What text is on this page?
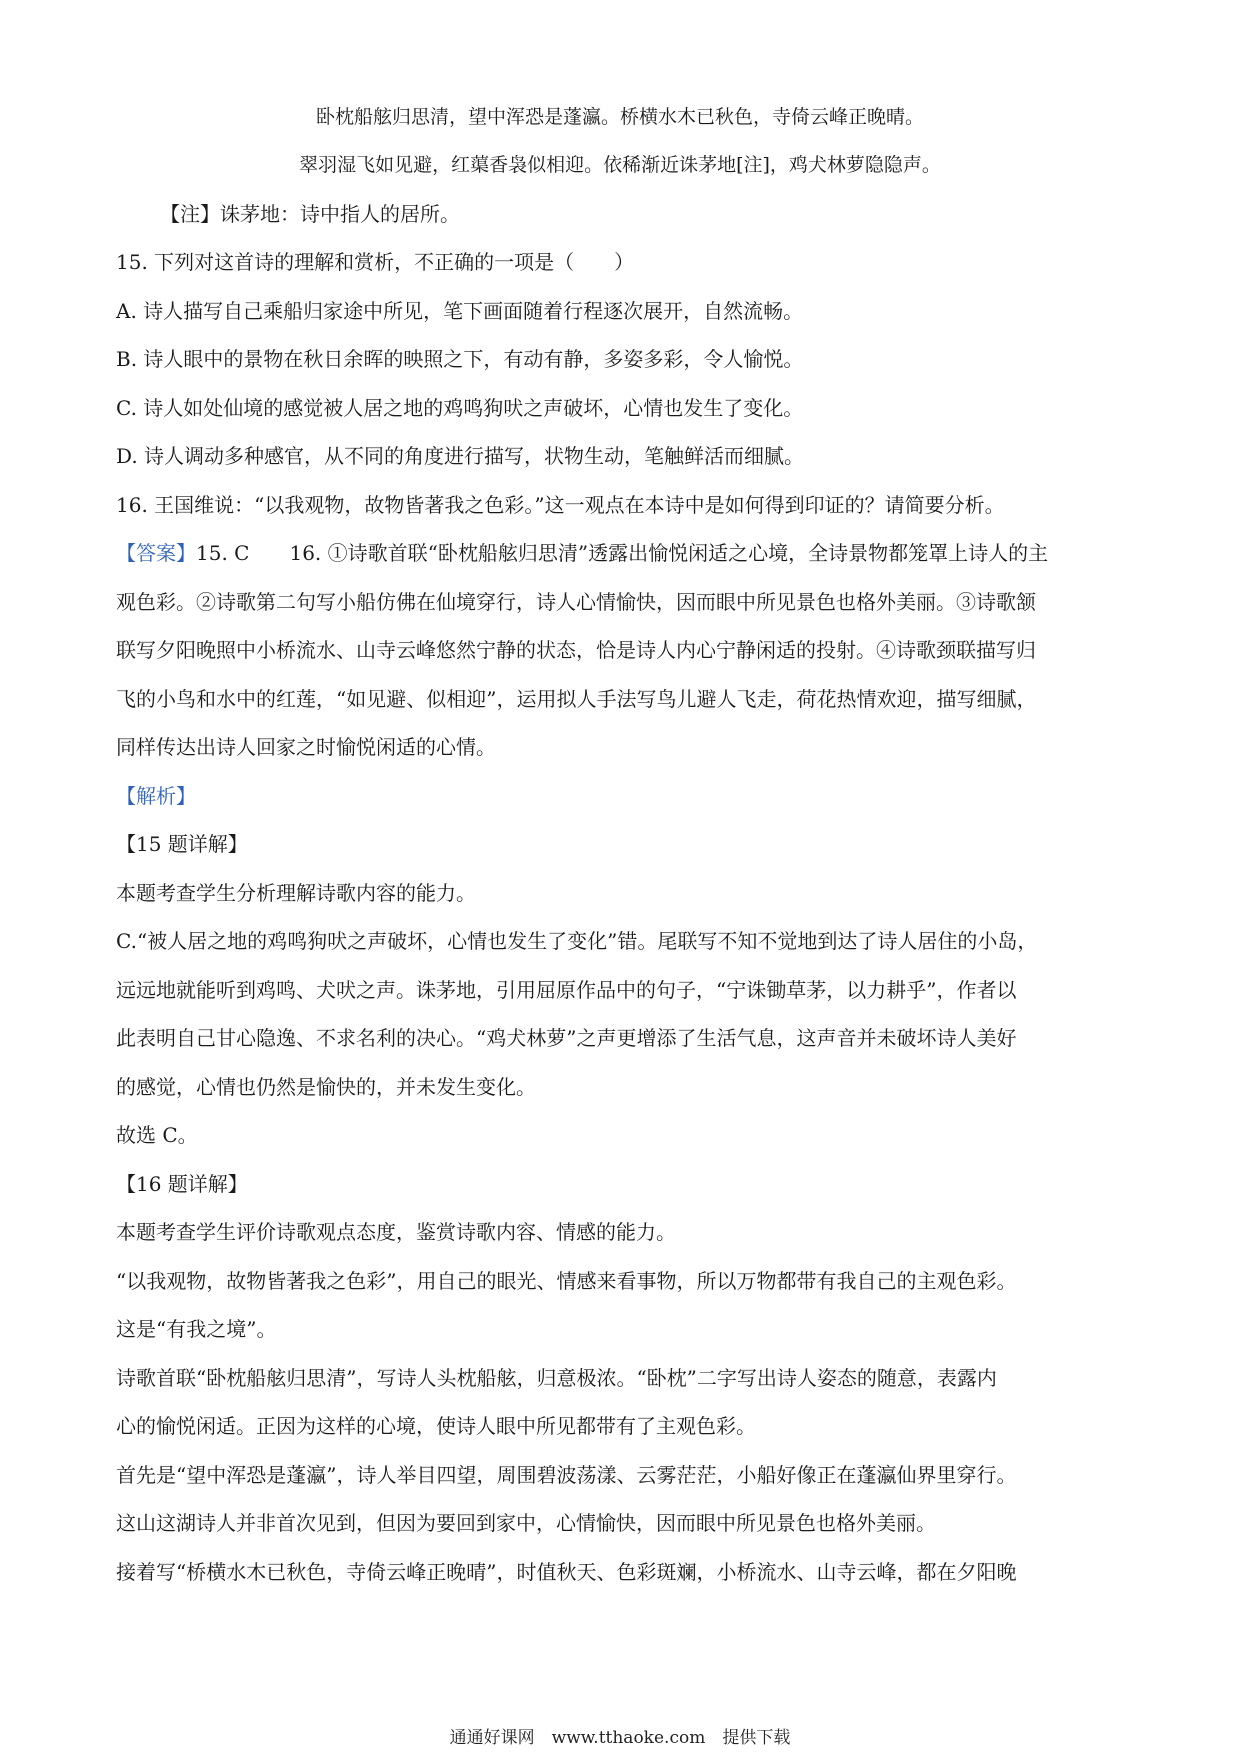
卧枕船舷归思清，望中浑恐是蓬瀛。桥横水木已秋色，寺倚云峰正晚晴。
翠羽湿飞如见避，红蕖香袅似相迎。依稀渐近诛茅地[注]，鸡犬林萝隐隐声。
【注】诛茅地：诗中指人的居所。
15. 下列对这首诗的理解和赏析，不正确的一项是（　　）
A. 诗人描写自己乘船归家途中所见，笔下画面随着行程逐次展开，自然流畅。
B. 诗人眼中的景物在秋日余晖的映照之下，有动有静，多姿多彩，令人愉悦。
C. 诗人如处仙境的感觉被人居之地的鸡鸣狗吠之声破坏，心情也发生了变化。
D. 诗人调动多种感官，从不同的角度进行描写，状物生动，笔触鲜活而细腻。
16. 王国维说：“以我观物，故物皆著我之色彩。”这一观点在本诗中是如何得到印证的？请简要分析。
【答案】15. C　　16. ①诗歌首联“卧枕船舷归思清”透露出愉悦闲适之心境，全诗景物都笼罩上诗人的主
观色彩。②诗歌第二句写小船仿佛在仙境穿行，诗人心情愉快，因而眼中所见景色也格外美丽。③诗歌颔
联写夕阳晚照中小桥流水、山寺云峰悠然宁静的状态，恰是诗人内心宁静闲适的投射。④诗歌颈联描写归
飞的小鸟和水中的红莲，“如见避、似相迎”，运用拟人手法写鸟儿避人飞走，荷花热情欢迎，描写细腻，
同样传达出诗人回家之时愉悦闲适的心情。
【解析】
【15 题详解】
本题考查学生分析理解诗歌内容的能力。
C.“被人居之地的鸡鸣狗吠之声破坏，心情也发生了变化”错。尾联写不知不觉地到达了诗人居住的小岛，
远远地就能听到鸡鸣、犬吠之声。诛茅地，引用屈原作品中的句子，“宁诛锄草茅，以力耕乎”，作者以
此表明自己甘心隐逸、不求名利的决心。“鸡犬林萝”之声更增添了生活气息，这声音并未破坏诗人美好
的感觉，心情也仍然是愉快的，并未发生变化。
故选 C。
【16 题详解】
本题考查学生评价诗歌观点态度，鉴赏诗歌内容、情感的能力。
“以我观物，故物皆著我之色彩”，用自己的眼光、情感来看事物，所以万物都带有我自己的主观色彩。
这是“有我之境”。
诗歌首联“卧枕船舷归思清”，写诗人头枕船舷，归意极浓。“卧枕”二字写出诗人姿态的随意，表露内
心的愉悦闲适。正因为这样的心境，使诗人眼中所见都带有了主观色彩。
首先是“望中浑恐是蓬瀛”，诗人举目四望，周围碧波荡漾、云雾茫茫，小船好像正在蓬瀛仙界里穿行。
这山这湖诗人并非首次见到，但因为要回到家中，心情愉快，因而眼中所见景色也格外美丽。
接着写“桥横水木已秋色，寺倚云峰正晚晴”，时值秋天、色彩斑斓，小桥流水、山寺云峰，都在夕阳晚
通通好课网　www.tthaoke.com　提供下载
